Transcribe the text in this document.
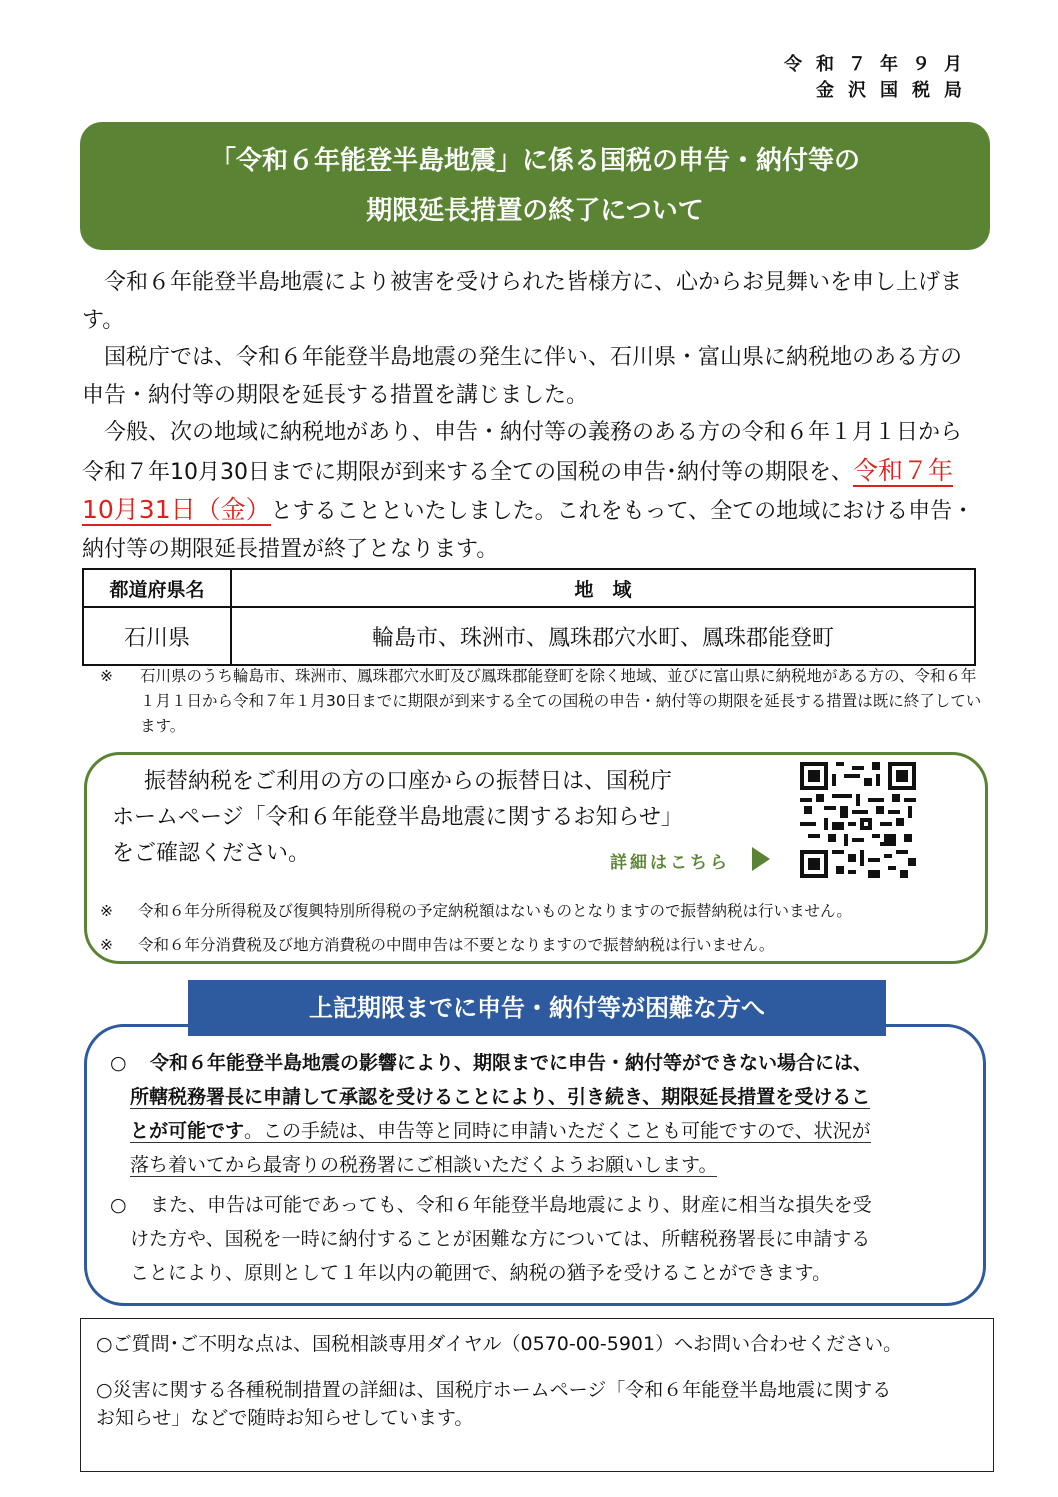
令和７年９月
金沢国税局
「令和６年能登半島地震」に係る国税の申告・納付等の
期限延長措置の終了について

令和６年能登半島地震により被害を受けられた皆様方に、心からお見舞いを申し上げます。

国税庁では、令和６年能登半島地震の発生に伴い、石川県・富山県に納税地のある方の申告・納付等の期限を延長する措置を講じました。

今般、次の地域に納税地があり、申告・納付等の義務のある方の令和６年１月１日から令和７年10月30日までに期限が到来する全ての国税の申告･納付等の期限を、令和７年10月31日（金）とすることといたしました。これをもって、全ての地域における申告・納付等の期限延長措置が終了となります。

都道府県名	地　域
石川県	輪島市、珠洲市、鳳珠郡穴水町、鳳珠郡能登町
※ 石川県のうち輪島市、珠洲市、鳳珠郡穴水町及び鳳珠郡能登町を除く地域、並びに富山県に納税地がある方の、令和６年１月１日から令和７年１月30日までに期限が到来する全ての国税の申告・納付等の期限を延長する措置は既に終了しています。
振替納税をご利用の方の口座からの振替日は、国税庁
ホームページ「令和６年能登半島地震に関するお知らせ」
をご確認ください。	詳細はこちら
※ 令和６年分所得税及び復興特別所得税の予定納税額はないものとなりますので振替納税は行いません。
※ 令和６年分消費税及び地方消費税の中間申告は不要となりますので振替納税は行いません。
上記期限までに申告・納付等が困難な方へ
○ 令和６年能登半島地震の影響により、期限までに申告・納付等ができない場合には、
所轄税務署長に申請して承認を受けることにより、引き続き、期限延長措置を受けるこ
とが可能です。この手続は、申告等と同時に申請いただくことも可能ですので、状況が
落ち着いてから最寄りの税務署にご相談いただくようお願いします。
○ また、申告は可能であっても、令和６年能登半島地震により、財産に相当な損失を受
けた方や、国税を一時に納付することが困難な方については、所轄税務署長に申請する
ことにより、原則として１年以内の範囲で、納税の猶予を受けることができます。
○ご質問･ご不明な点は、国税相談専用ダイヤル（0570-00-5901）へお問い合わせください。
○災害に関する各種税制措置の詳細は、国税庁ホームページ「令和６年能登半島地震に関する
お知らせ」などで随時お知らせしています。
